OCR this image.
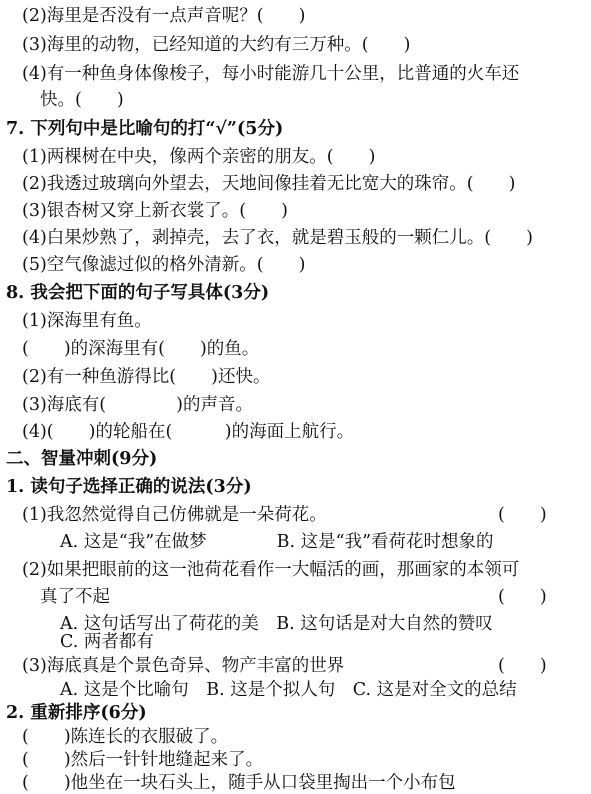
(2)海里是否没有一点声音呢？(　　)
(3)海里的动物，已经知道的大约有三万种。(　　)
(4)有一种鱼身体像梭子，每小时能游几十公里，比普通的火车还
快。(　　)
7. 下列句中是比喻句的打“√”(5分)
(1)两棵树在中央，像两个亲密的朋友。(　　)
(2)我透过玻璃向外望去，天地间像挂着无比宽大的珠帘。(　　)
(3)银杏树又穿上新衣裳了。(　　)
(4)白果炒熟了，剥掉壳，去了衣，就是碧玉般的一颗仁儿。(　　)
(5)空气像滤过似的格外清新。(　　)
8. 我会把下面的句子写具体(3分)
(1)深海里有鱼。
(　　)的深海里有(　　)的鱼。
(2)有一种鱼游得比(　　)还快。
(3)海底有(　　　　)的声音。
(4)(　　)的轮船在(　　　)的海面上航行。
二、智量冲刺(9分)
1. 读句子选择正确的说法(3分)
(1)我忽然觉得自己仿佛就是一朵荷花。	(　　)
A. 这是“我”在做梦　　　　B. 这是“我”看荷花时想象的
(2)如果把眼前的这一池荷花看作一大幅活的画，那画家的本领可
真了不起	(　　)
A. 这句话写出了荷花的美　B. 这句话是对大自然的赞叹
C. 两者都有
(3)海底真是个景色奇异、物产丰富的世界	(　　)
A. 这是个比喻句　B. 这是个拟人句　C. 这是对全文的总结
2. 重新排序(6分)
(　　)陈连长的衣服破了。
(　　)然后一针针地缝起来了。
(　　)他坐在一块石头上，随手从口袋里掏出一个小布包
